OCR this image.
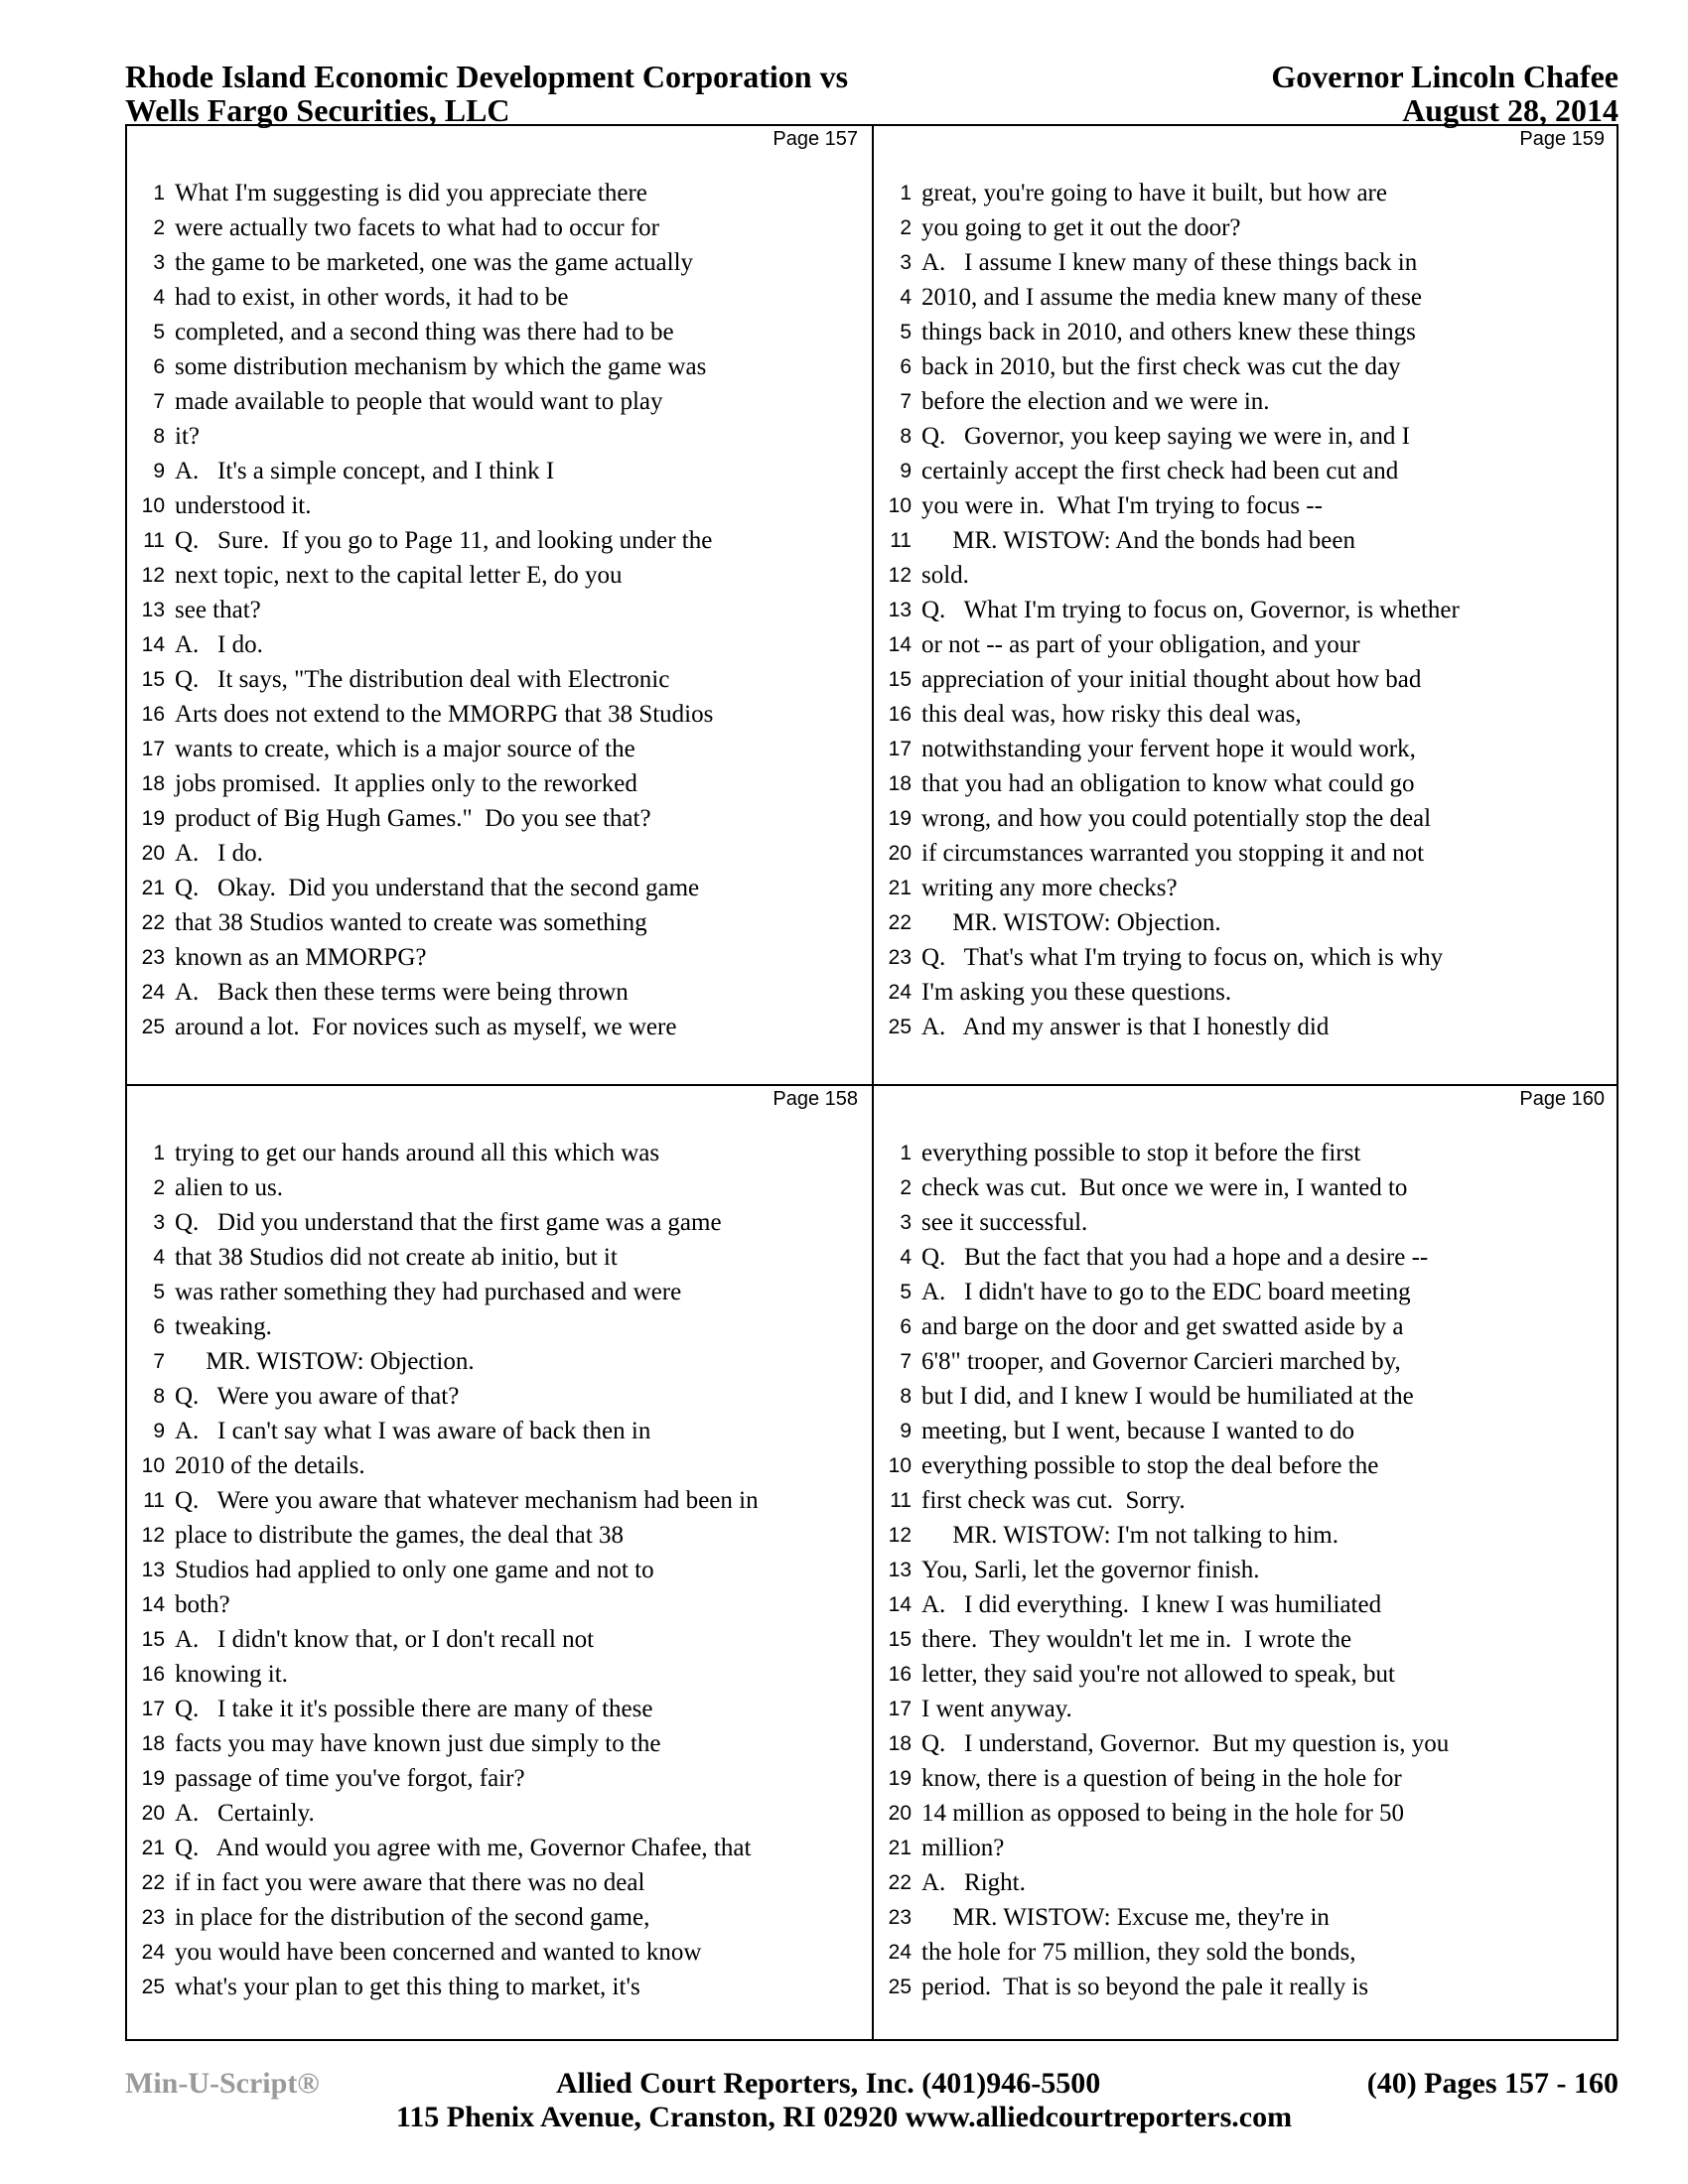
Rhode Island Economic Development Corporation vs
Wells Fargo Securities, LLC
Governor Lincoln Chafee
August 28, 2014
Page 157
1 What I'm suggesting is did you appreciate there
2 were actually two facets to what had to occur for
3 the game to be marketed, one was the game actually
4 had to exist, in other words, it had to be
5 completed, and a second thing was there had to be
6 some distribution mechanism by which the game was
7 made available to people that would want to play
8 it?
9 A.   It's a simple concept, and I think I
10 understood it.
11 Q.   Sure.  If you go to Page 11, and looking under the
12 next topic, next to the capital letter E, do you
13 see that?
14 A.   I do.
15 Q.   It says, "The distribution deal with Electronic
16 Arts does not extend to the MMORPG that 38 Studios
17 wants to create, which is a major source of the
18 jobs promised.  It applies only to the reworked
19 product of Big Hugh Games."  Do you see that?
20 A.   I do.
21 Q.   Okay.  Did you understand that the second game
22 that 38 Studios wanted to create was something
23 known as an MMORPG?
24 A.   Back then these terms were being thrown
25 around a lot.  For novices such as myself, we were
Page 159
1 great, you're going to have it built, but how are
2 you going to get it out the door?
3 A.   I assume I knew many of these things back in
4 2010, and I assume the media knew many of these
5 things back in 2010, and others knew these things
6 back in 2010, but the first check was cut the day
7 before the election and we were in.
8 Q.   Governor, you keep saying we were in, and I
9 certainly accept the first check had been cut and
10 you were in.  What I'm trying to focus --
11 MR. WISTOW: And the bonds had been
12 sold.
13 Q.   What I'm trying to focus on, Governor, is whether
14 or not -- as part of your obligation, and your
15 appreciation of your initial thought about how bad
16 this deal was, how risky this deal was,
17 notwithstanding your fervent hope it would work,
18 that you had an obligation to know what could go
19 wrong, and how you could potentially stop the deal
20 if circumstances warranted you stopping it and not
21 writing any more checks?
22 MR. WISTOW: Objection.
23 Q.   That's what I'm trying to focus on, which is why
24 I'm asking you these questions.
25 A.   And my answer is that I honestly did
Page 158
1 trying to get our hands around all this which was
2 alien to us.
3 Q.   Did you understand that the first game was a game
4 that 38 Studios did not create ab initio, but it
5 was rather something they had purchased and were
6 tweaking.
7 MR. WISTOW: Objection.
8 Q.   Were you aware of that?
9 A.   I can't say what I was aware of back then in
10 2010 of the details.
11 Q.   Were you aware that whatever mechanism had been in
12 place to distribute the games, the deal that 38
13 Studios had applied to only one game and not to
14 both?
15 A.   I didn't know that, or I don't recall not
16 knowing it.
17 Q.   I take it it's possible there are many of these
18 facts you may have known just due simply to the
19 passage of time you've forgot, fair?
20 A.   Certainly.
21 Q.   And would you agree with me, Governor Chafee, that
22 if in fact you were aware that there was no deal
23 in place for the distribution of the second game,
24 you would have been concerned and wanted to know
25 what's your plan to get this thing to market, it's
Page 160
1 everything possible to stop it before the first
2 check was cut.  But once we were in, I wanted to
3 see it successful.
4 Q.   But the fact that you had a hope and a desire --
5 A.   I didn't have to go to the EDC board meeting
6 and barge on the door and get swatted aside by a
7 6'8" trooper, and Governor Carcieri marched by,
8 but I did, and I knew I would be humiliated at the
9 meeting, but I went, because I wanted to do
10 everything possible to stop the deal before the
11 first check was cut.  Sorry.
12 MR. WISTOW: I'm not talking to him.
13 You, Sarli, let the governor finish.
14 A.   I did everything.  I knew I was humiliated
15 there.  They wouldn't let me in.  I wrote the
16 letter, they said you're not allowed to speak, but
17 I went anyway.
18 Q.   I understand, Governor.  But my question is, you
19 know, there is a question of being in the hole for
20 14 million as opposed to being in the hole for 50
21 million?
22 A.   Right.
23 MR. WISTOW: Excuse me, they're in
24 the hole for 75 million, they sold the bonds,
25 period.  That is so beyond the pale it really is
Min-U-Script®	Allied Court Reporters, Inc. (401)946-5500	(40) Pages 157 - 160
115 Phenix Avenue, Cranston, RI 02920 www.alliedcourtreporters.com
